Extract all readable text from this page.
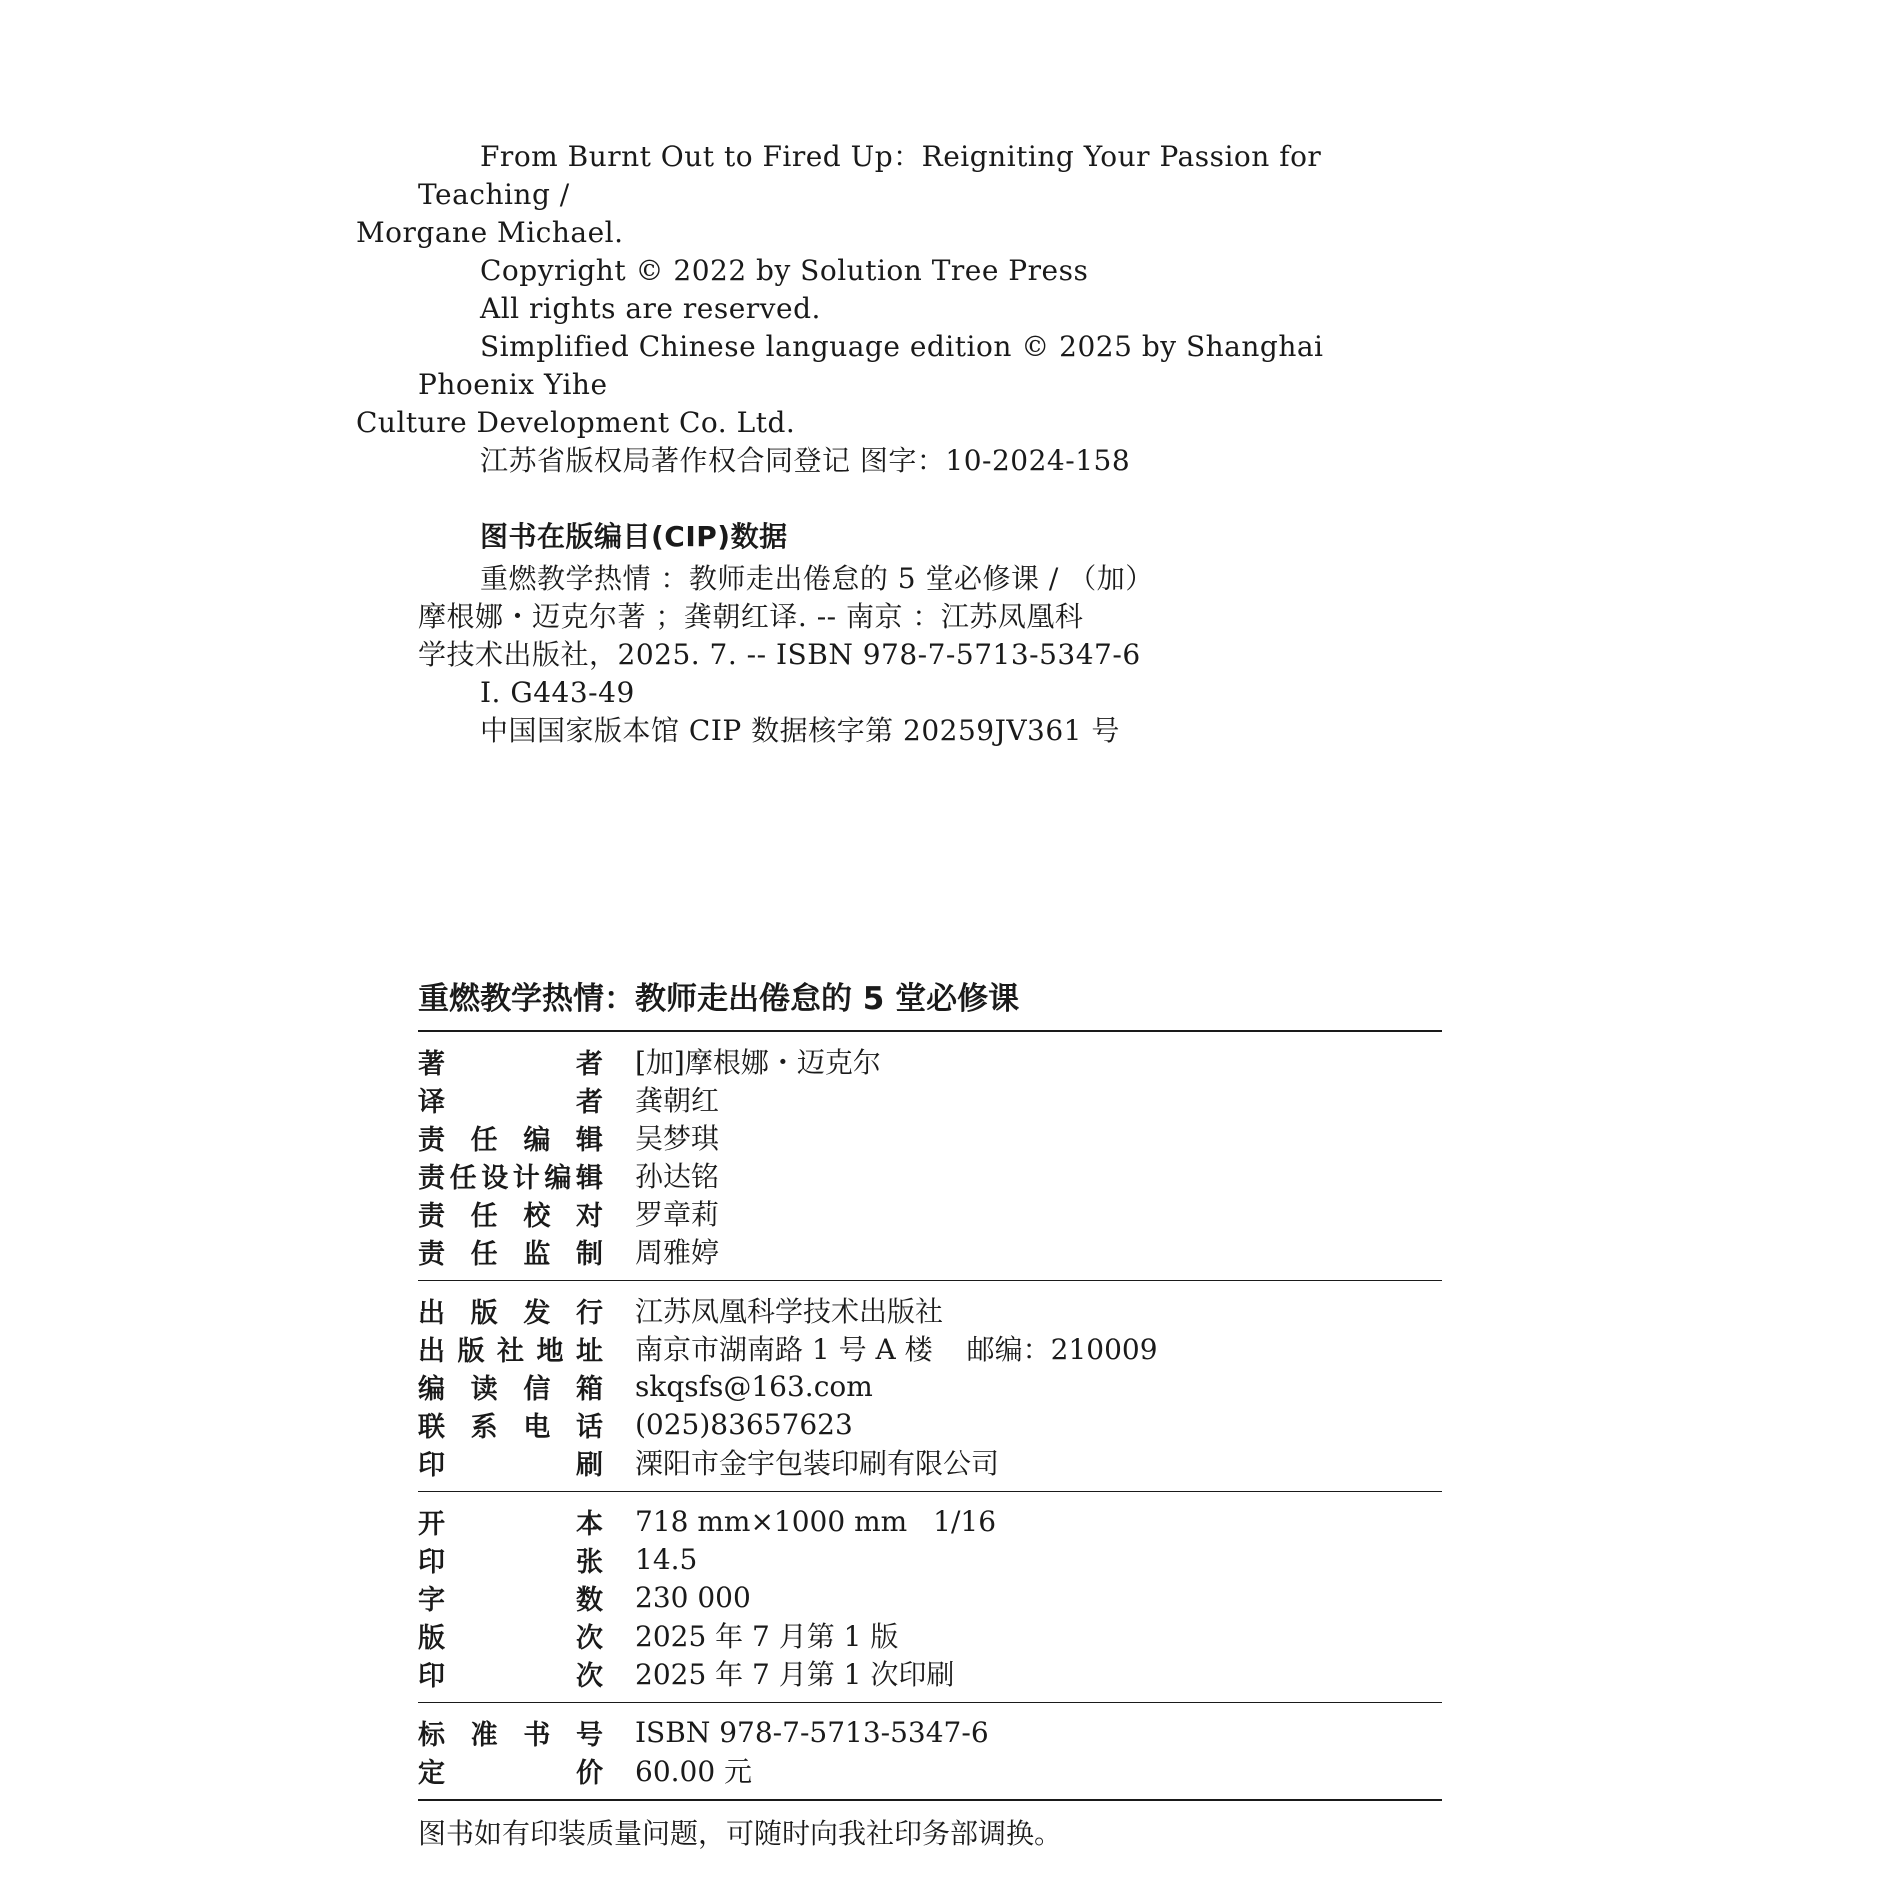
From Burnt Out to Fired Up：Reigniting Your Passion for Teaching /
Morgane Michael.

Copyright © 2022 by Solution Tree Press

All rights are reserved.

Simplified Chinese language edition © 2025 by Shanghai Phoenix Yihe
Culture Development Co. Ltd.

江苏省版权局著作权合同登记 图字：10-2024-158

图书在版编目(CIP)数据
重燃教学热情 ：教师走出倦怠的 5 堂必修课 / （加）
摩根娜・迈克尔著 ；龚朝红译. -- 南京 ：江苏凤凰科
学技术出版社，2025. 7. -- ISBN 978-7-5713-5347-6
Ⅰ. G443-49
中国国家版本馆 CIP 数据核字第 20259JV361 号
重燃教学热情：教师走出倦怠的 5 堂必修课
著者 [加]摩根娜・迈克尔
译者 龚朝红
责任编辑 吴梦琪
责任设计编辑 孙达铭
责任校对 罗章莉
责任监制 周雅婷
出版发行 江苏凤凰科学技术出版社
出版社地址 南京市湖南路 1 号 A 楼 邮编：210009
编读信箱 skqsfs@163.com
联系电话 (025)83657623
印刷 溧阳市金宇包装印刷有限公司
开本 718 mm×1000 mm 1/16
印张 14.5
字数 230 000
版次 2025 年 7 月第 1 版
印次 2025 年 7 月第 1 次印刷
标准书号 ISBN 978-7-5713-5347-6
定价 60.00 元
图书如有印装质量问题，可随时向我社印务部调换。
